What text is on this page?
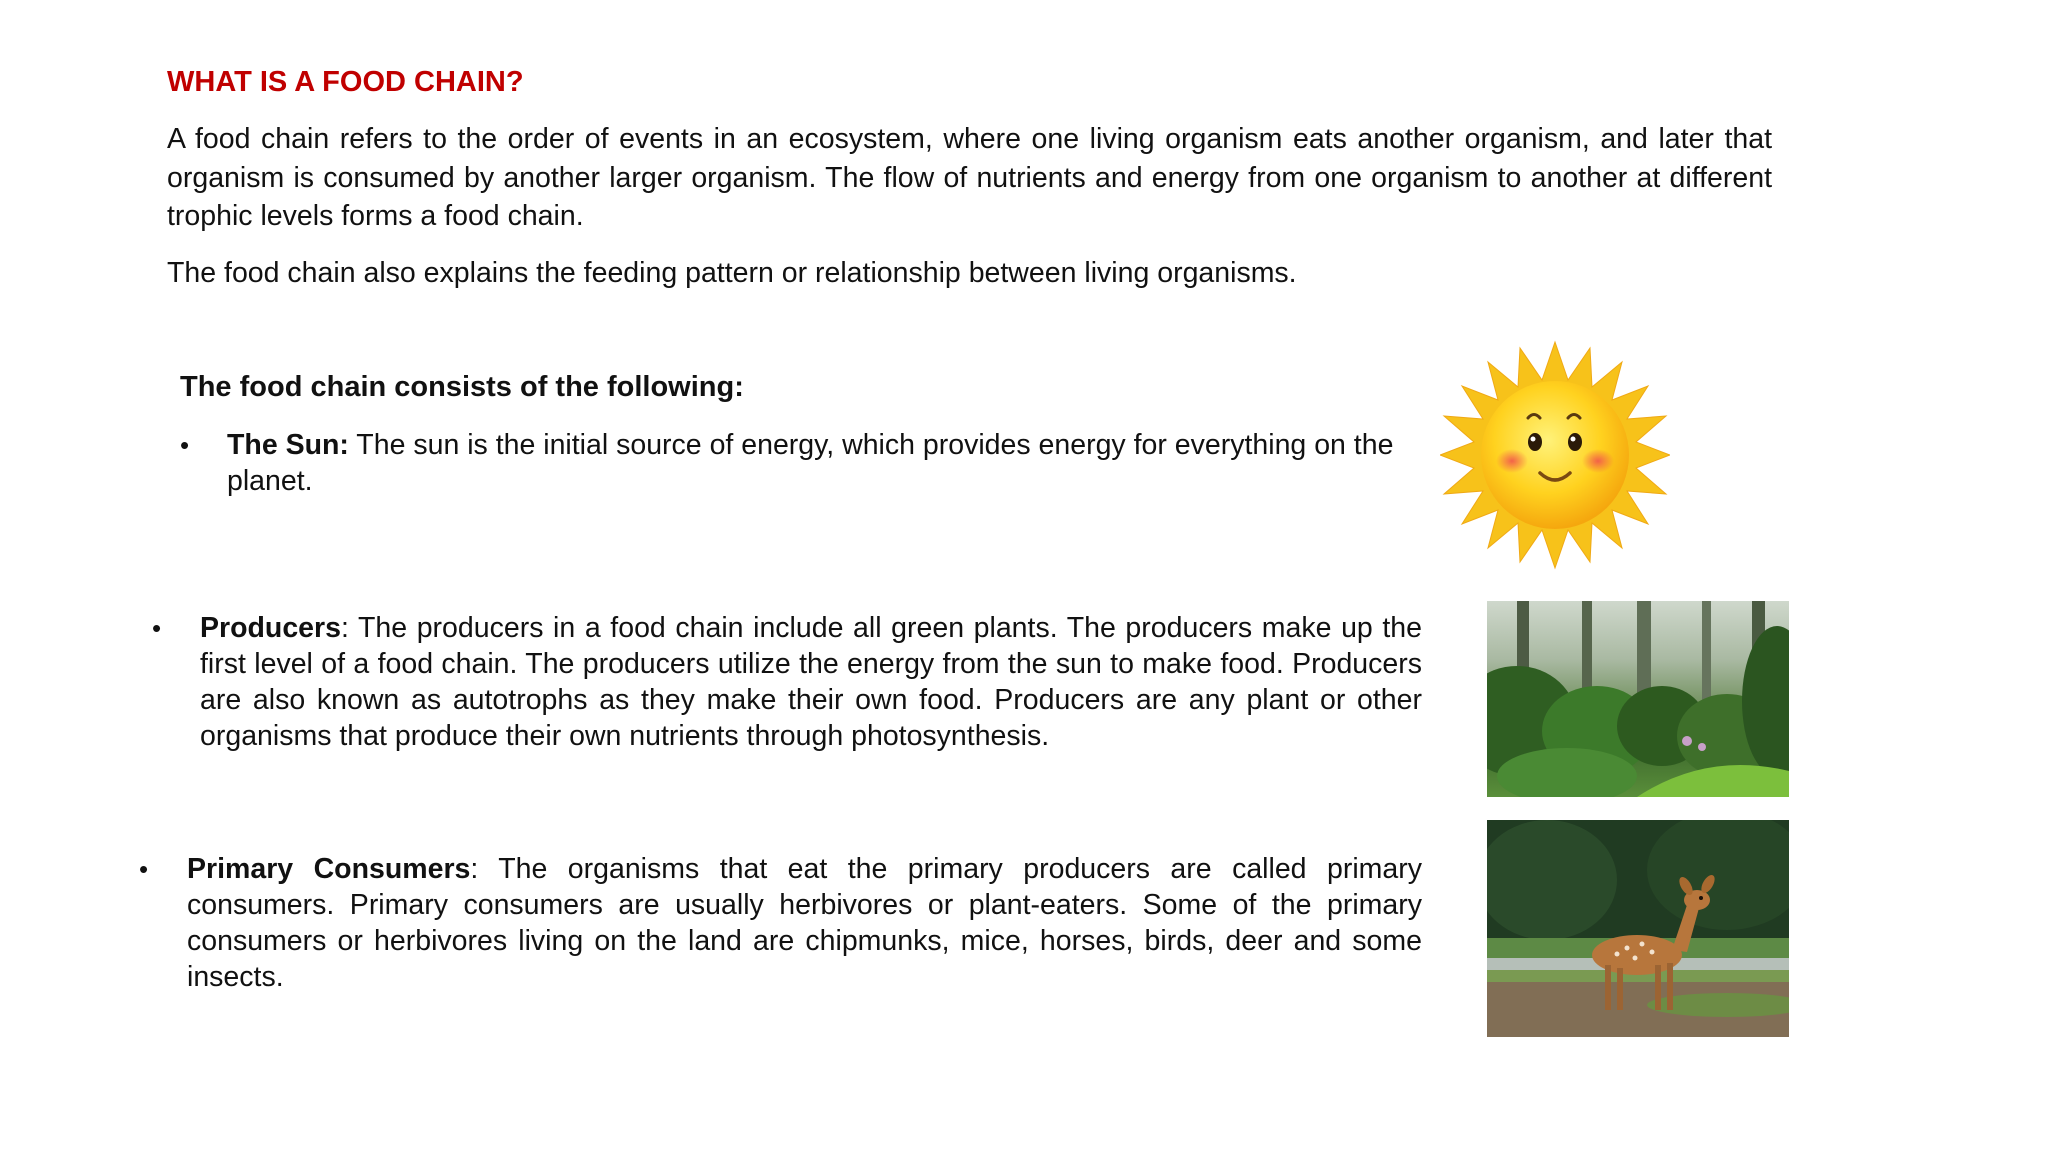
WHAT IS A FOOD CHAIN?

A food chain refers to the order of events in an ecosystem, where one living organism eats another organism, and later that organism is consumed by another larger organism. The flow of nutrients and energy from one organism to another at different trophic levels forms a food chain.

The food chain also explains the feeding pattern or relationship between living organisms.

The food chain consists of the following:
• The Sun: The sun is the initial source of energy, which provides energy for everything on the planet.
• Producers: The producers in a food chain include all green plants. The producers make up the first level of a food chain. The producers utilize the energy from the sun to make food. Producers are also known as autotrophs as they make their own food. Producers are any plant or other organisms that produce their own nutrients through photosynthesis.
• Primary Consumers: The organisms that eat the primary producers are called primary consumers. Primary consumers are usually herbivores or plant-eaters. Some of the primary consumers or herbivores living on the land are chipmunks, mice, horses, birds, deer and some insects.
